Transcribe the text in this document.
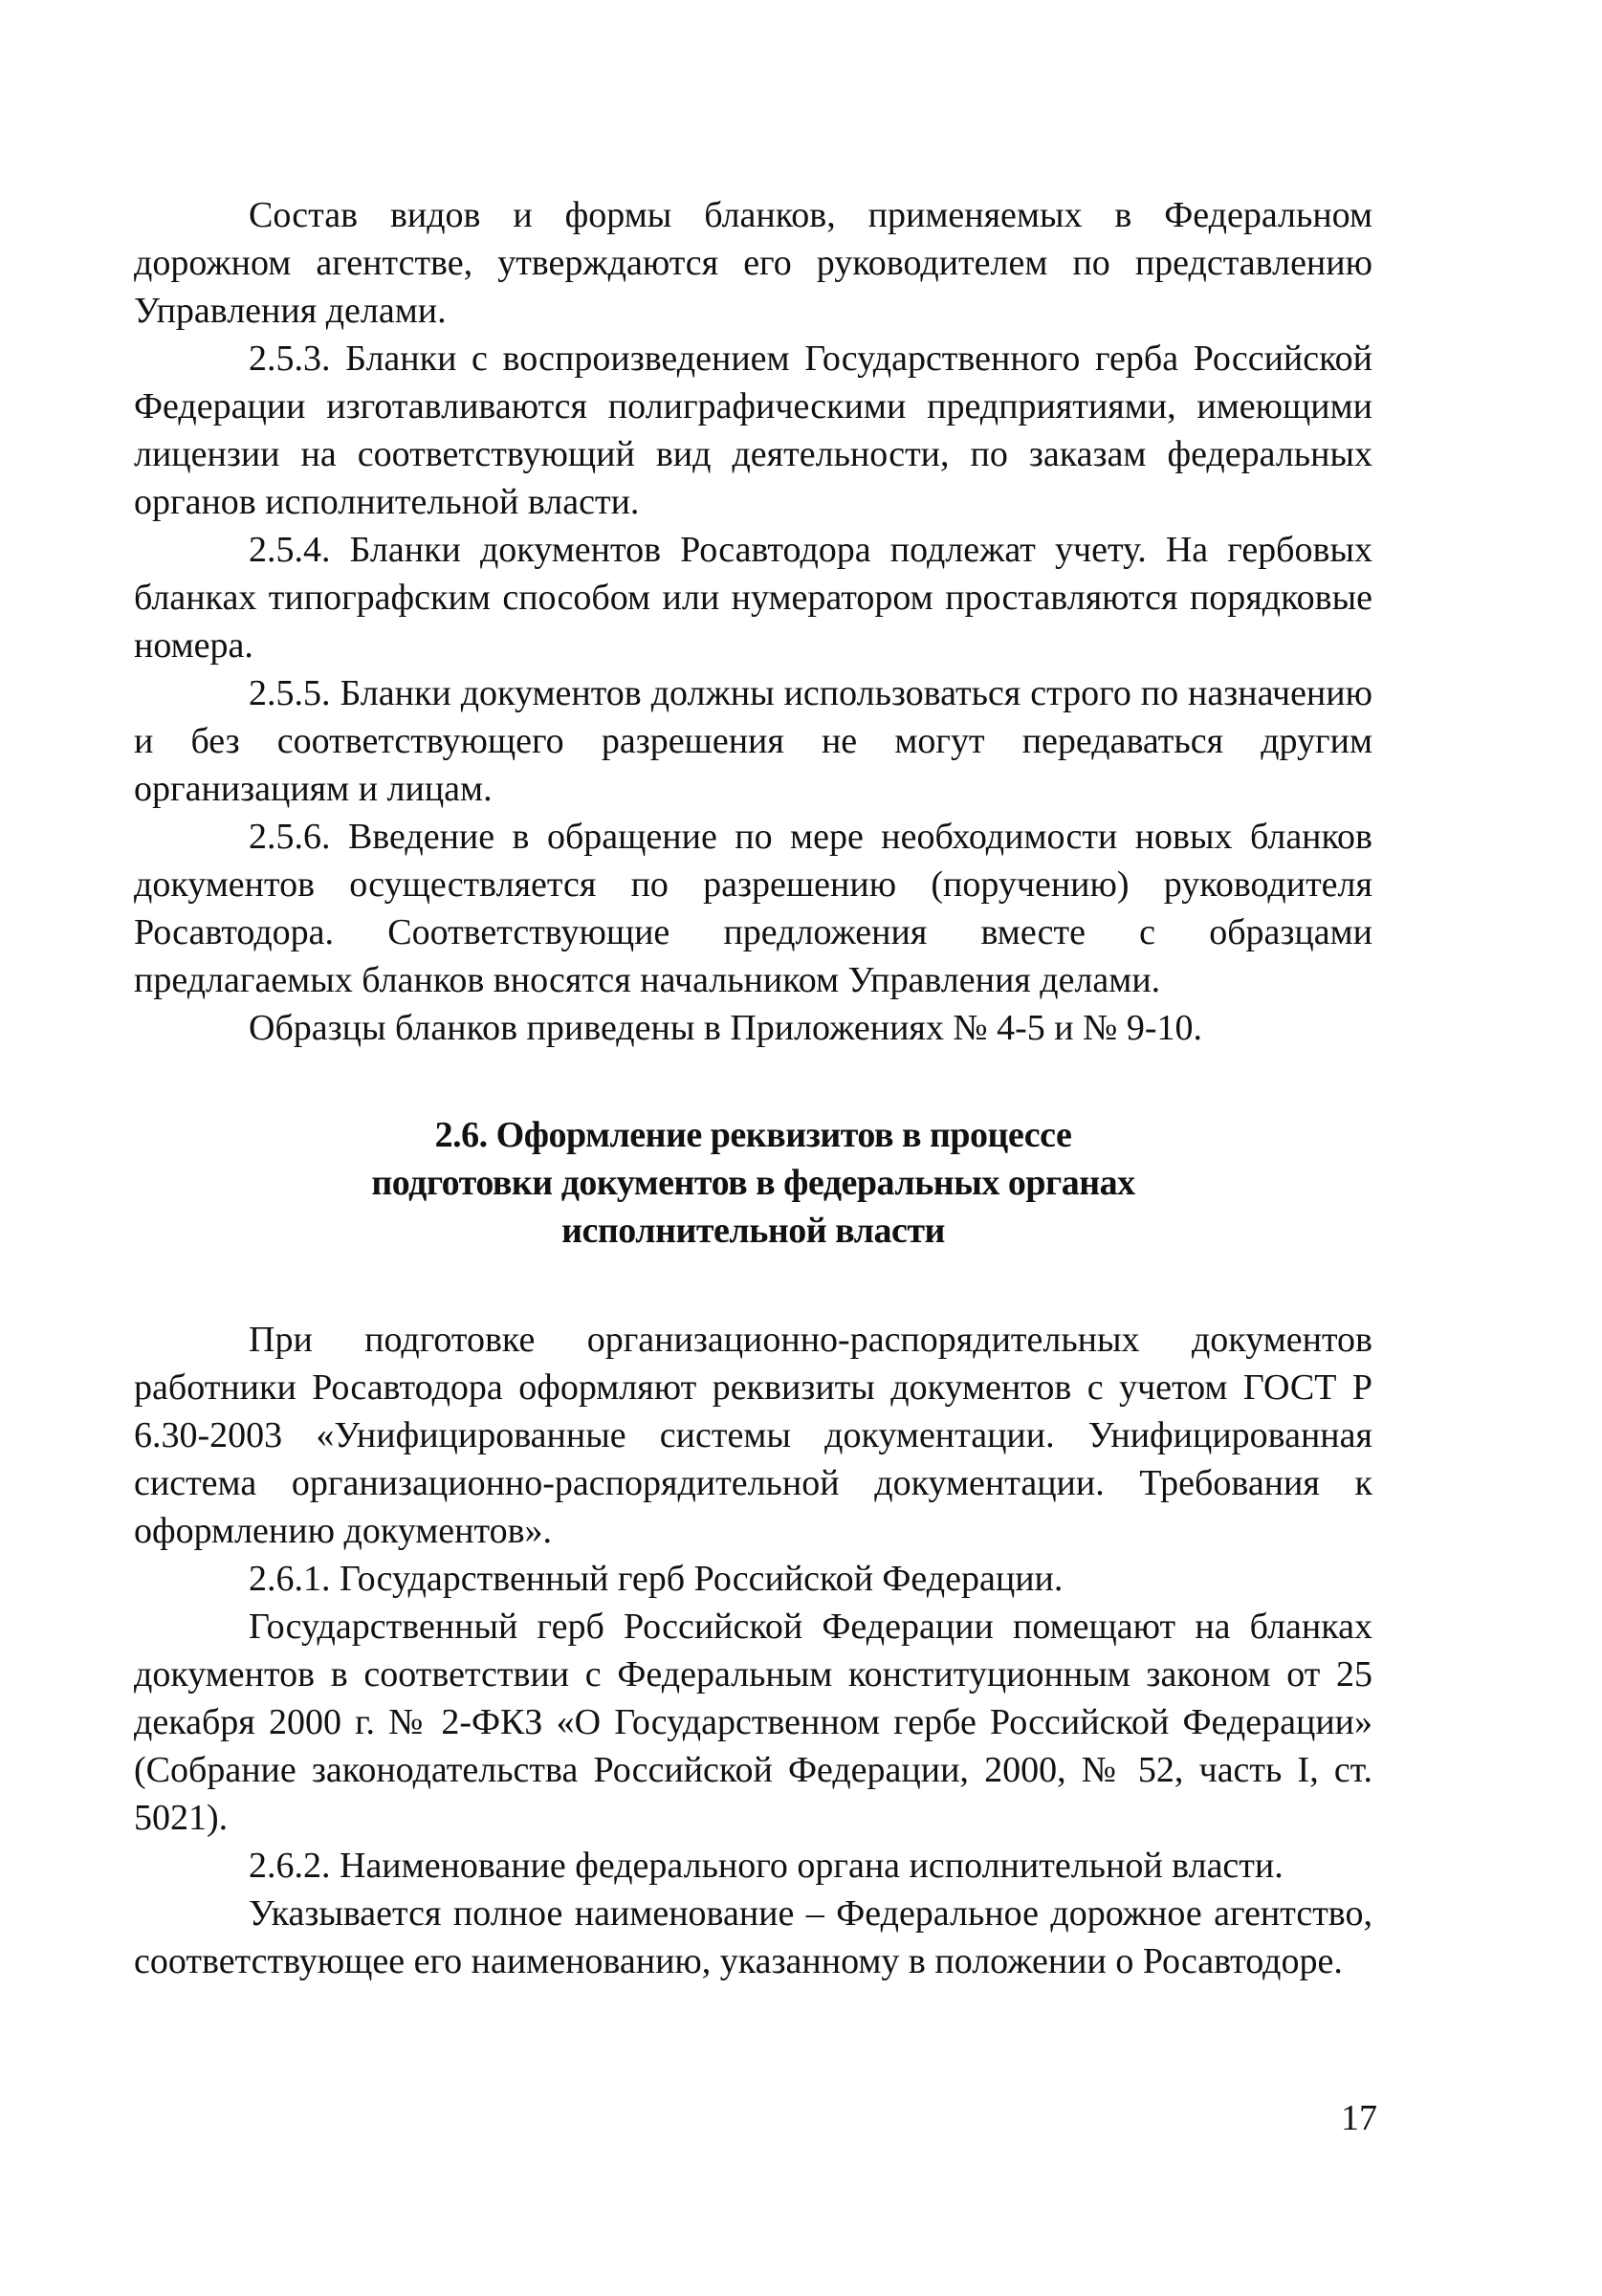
Состав видов и формы бланков, применяемых в Федеральном дорожном агентстве, утверждаются его руководителем по представлению Управления делами.

2.5.3. Бланки с воспроизведением Государственного герба Российской Федерации изготавливаются полиграфическими предприятиями, имеющими лицензии на соответствующий вид деятельности, по заказам федеральных органов исполнительной власти.

2.5.4. Бланки документов Росавтодора подлежат учету. На гербовых бланках типографским способом или нумератором проставляются порядковые номера.

2.5.5. Бланки документов должны использоваться строго по назначению и без соответствующего разрешения не могут передаваться другим организациям и лицам.

2.5.6. Введение в обращение по мере необходимости новых бланков документов осуществляется по разрешению (поручению) руководителя Росавтодора. Соответствующие предложения вместе с образцами предлагаемых бланков вносятся начальником Управления делами.

Образцы бланков приведены в Приложениях № 4-5 и № 9-10.

2.6. Оформление реквизитов в процессе
подготовки документов в федеральных органах
исполнительной власти

При подготовке организационно-распорядительных документов работники Росавтодора оформляют реквизиты документов с учетом ГОСТ Р 6.30-2003 «Унифицированные системы документации. Унифицированная система организационно-распорядительной документации. Требования к оформлению документов».

2.6.1. Государственный герб Российской Федерации.

Государственный герб Российской Федерации помещают на бланках документов в соответствии с Федеральным конституционным законом от 25 декабря 2000 г. № 2-ФКЗ «О Государственном гербе Российской Федерации» (Собрание законодательства Российской Федерации, 2000, № 52, часть I, ст. 5021).

2.6.2. Наименование федерального органа исполнительной власти.

Указывается полное наименование – Федеральное дорожное агентство, соответствующее его наименованию, указанному в положении о Росавтодоре.

17
